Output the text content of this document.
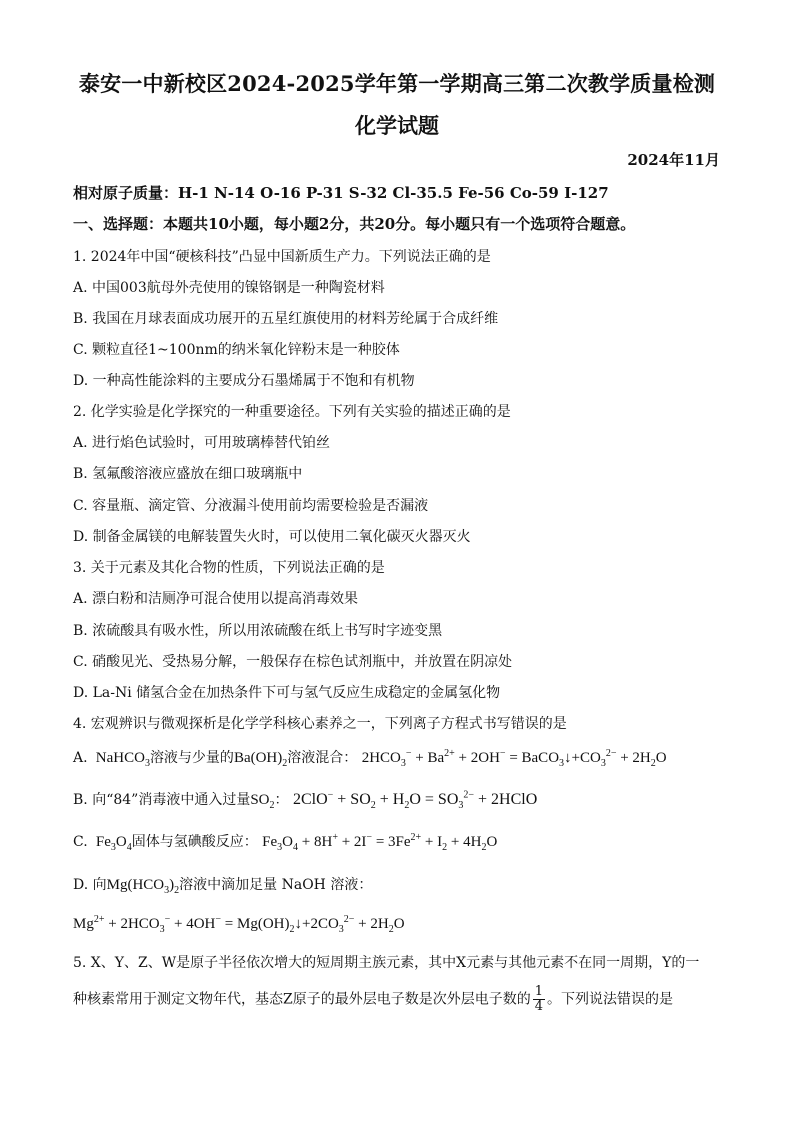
泰安一中新校区2024-2025学年第一学期高三第二次教学质量检测
化学试题
2024年11月
相对原子质量：H-1 N-14 O-16 P-31 S-32 Cl-35.5 Fe-56 Co-59 I-127
一、选择题：本题共10小题，每小题2分，共20分。每小题只有一个选项符合题意。
1. 2024年中国“硬核科技”凸显中国新质生产力。下列说法正确的是
A. 中国003航母外壳使用的镍铬钢是一种陶瓷材料
B. 我国在月球表面成功展开的五星红旗使用的材料芳纶属于合成纤维
C. 颗粒直径1~100nm的纳米氧化锌粉末是一种胶体
D. 一种高性能涂料的主要成分石墨烯属于不饱和有机物
2. 化学实验是化学探究的一种重要途径。下列有关实验的描述正确的是
A. 进行焰色试验时，可用玻璃棒替代铂丝
B. 氢氟酸溶液应盛放在细口玻璃瓶中
C. 容量瓶、滴定管、分液漏斗使用前均需要检验是否漏液
D. 制备金属镁的电解装置失火时，可以使用二氧化碳灭火器灭火
3. 关于元素及其化合物的性质，下列说法正确的是
A. 漂白粉和洁厕净可混合使用以提高消毒效果
B. 浓硫酸具有吸水性，所以用浓硫酸在纸上书写时字迹变黑
C. 硝酸见光、受热易分解，一般保存在棕色试剂瓶中，并放置在阴凉处
D. La-Ni 储氢合金在加热条件下可与氢气反应生成稳定的金属氢化物
4. 宏观辨识与微观探析是化学学科核心素养之一，下列离子方程式书写错误的是
A.  NaHCO$_3$溶液与少量的$Ba(OH)_2$溶液混合： $2HCO_3^- + Ba^{2+} + 2OH^-$ = $BaCO_3↓+CO_3^{2-} + 2H_2O$
B. 向“84”消毒液中通入过量$SO_2$： $2ClO^- + SO_2 + H_2O = SO_3^{2-}$ + 2HClO
C.  $Fe_3O_4$固体与氢碘酸反应： $Fe_3O_4 + 8H^+ + 2I^- = 3Fe^{2+} + I_2 + 4H_2O$
D. 向$Mg(HCO_3)_2$溶液中滴加足量 NaOH 溶液：
$Mg^{2+} + 2HCO_3^- + 4OH^-$ = $Mg(OH)_2↓+2CO_3^{2-} + 2H_2O$
5. X、Y、Z、W是原子半径依次增大的短周期主族元素，其中X元素与其他元素不在同一周期，Y的一
种核素常用于测定文物年代，基态Z原子的最外层电子数是次外层电子数的 $\frac{1}{4}$ 。下列说法错误的是
